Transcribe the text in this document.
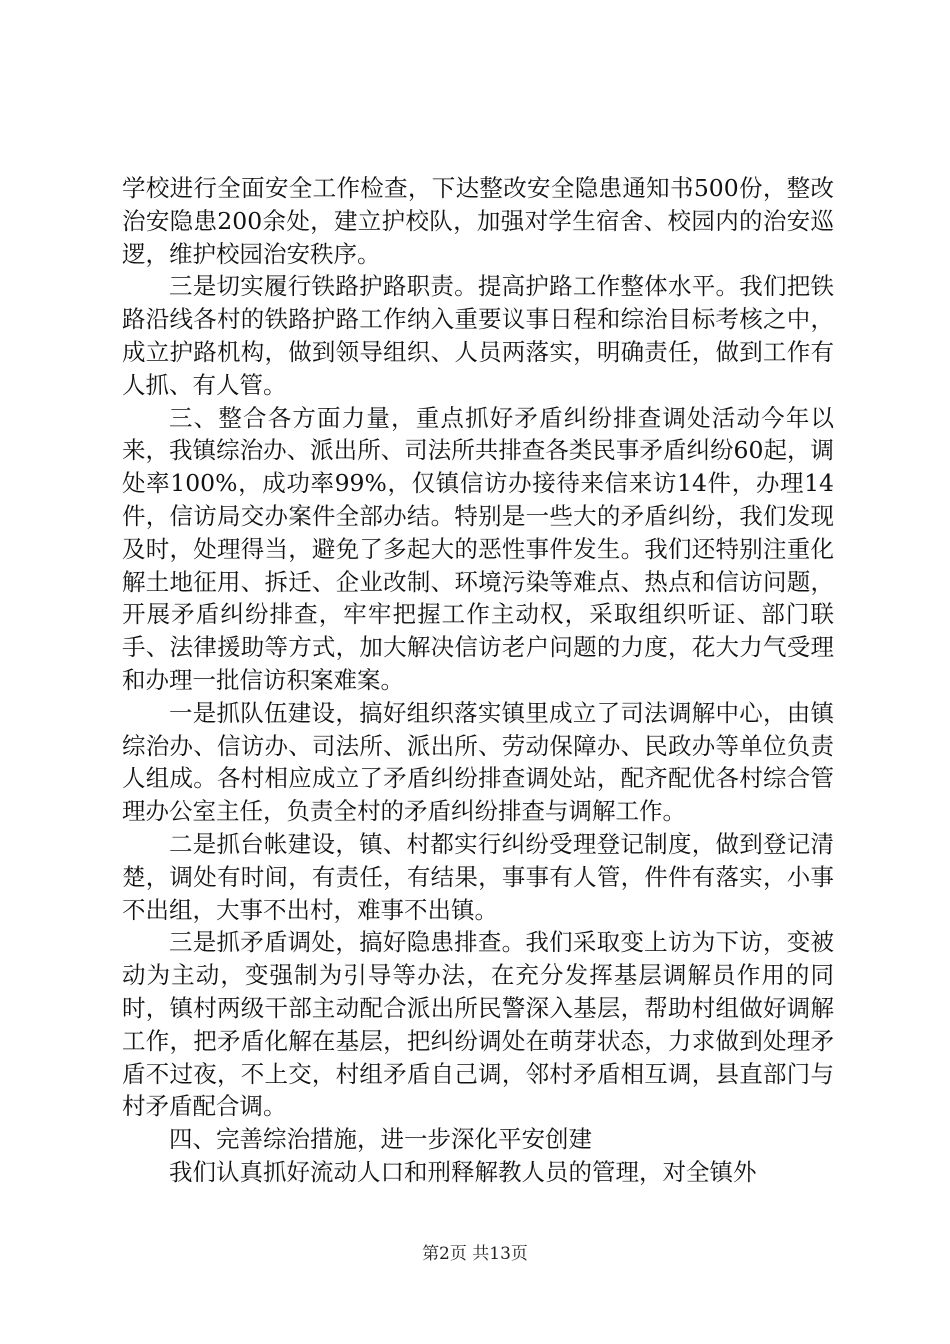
学校进行全面安全工作检查，下达整改安全隐患通知书500份，整改治安隐患200余处，建立护校队，加强对学生宿舍、校园内的治安巡逻，维护校园治安秩序。

三是切实履行铁路护路职责。提高护路工作整体水平。我们把铁路沿线各村的铁路护路工作纳入重要议事日程和综治目标考核之中，成立护路机构，做到领导组织、人员两落实，明确责任，做到工作有人抓、有人管。

三、整合各方面力量，重点抓好矛盾纠纷排查调处活动今年以来，我镇综治办、派出所、司法所共排查各类民事矛盾纠纷60起，调处率100%，成功率99%，仅镇信访办接待来信来访14件，办理14件，信访局交办案件全部办结。特别是一些大的矛盾纠纷，我们发现及时，处理得当，避免了多起大的恶性事件发生。我们还特别注重化解土地征用、拆迁、企业改制、环境污染等难点、热点和信访问题，开展矛盾纠纷排查，牢牢把握工作主动权，采取组织听证、部门联手、法律援助等方式，加大解决信访老户问题的力度，花大力气受理和办理一批信访积案难案。

一是抓队伍建设，搞好组织落实镇里成立了司法调解中心，由镇综治办、信访办、司法所、派出所、劳动保障办、民政办等单位负责人组成。各村相应成立了矛盾纠纷排查调处站，配齐配优各村综合管理办公室主任，负责全村的矛盾纠纷排查与调解工作。

二是抓台帐建设，镇、村都实行纠纷受理登记制度，做到登记清楚，调处有时间，有责任，有结果，事事有人管，件件有落实，小事不出组，大事不出村，难事不出镇。

三是抓矛盾调处，搞好隐患排查。我们采取变上访为下访，变被动为主动，变强制为引导等办法，在充分发挥基层调解员作用的同时，镇村两级干部主动配合派出所民警深入基层，帮助村组做好调解工作，把矛盾化解在基层，把纠纷调处在萌芽状态，力求做到处理矛盾不过夜，不上交，村组矛盾自己调，邻村矛盾相互调，县直部门与村矛盾配合调。

四、完善综治措施，进一步深化平安创建

我们认真抓好流动人口和刑释解教人员的管理，对全镇外

第2页 共13页
